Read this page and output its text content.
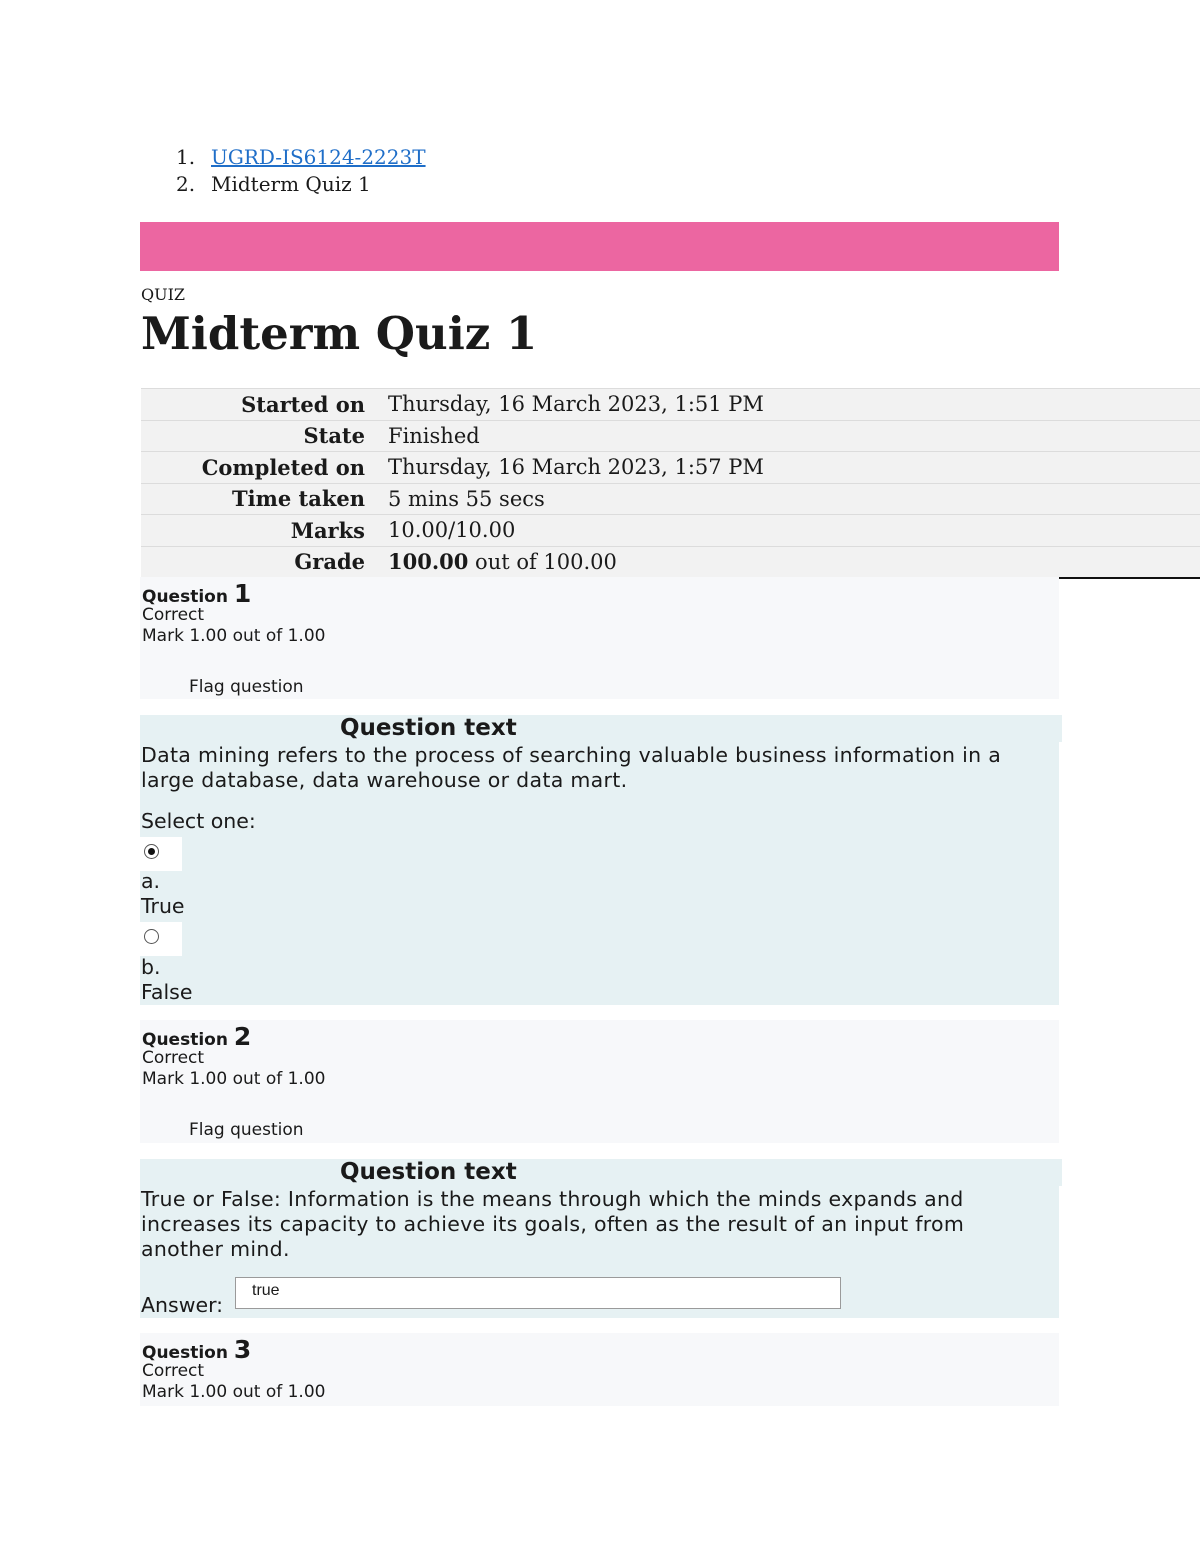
1. UGRD-IS6124-2223T
2. Midterm Quiz 1
QUIZ
Midterm Quiz 1
Started on	Thursday, 16 March 2023, 1:51 PM
State	Finished
Completed on	Thursday, 16 March 2023, 1:57 PM
Time taken	5 mins 55 secs
Marks	10.00/10.00
Grade	100.00 out of 100.00
Question 1
Correct
Mark 1.00 out of 1.00
Flag question
Question text
Data mining refers to the process of searching valuable business information in a large database, data warehouse or data mart.
Select one:
a.
True
b.
False
Question 2
Correct
Mark 1.00 out of 1.00
Flag question
Question text
True or False: Information is the means through which the minds expands and increases its capacity to achieve its goals, often as the result of an input from another mind.
Answer:
true
Question 3
Correct
Mark 1.00 out of 1.00
